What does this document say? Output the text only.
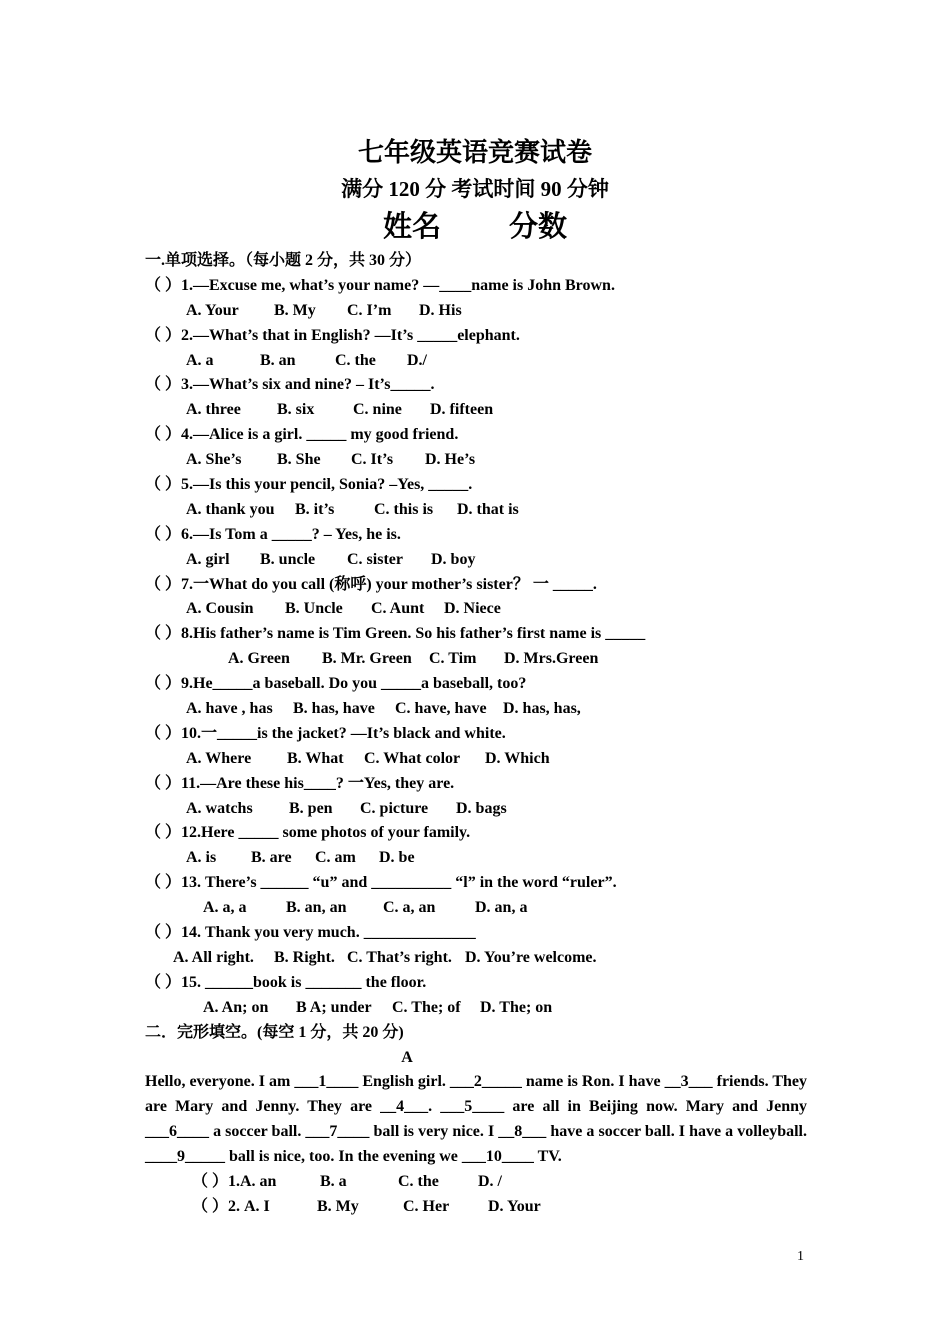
七年级英语竞赛试卷
满分 120 分 考试时间 90 分钟
姓名 分数
一.单项选择。（每小题 2 分，共 30 分）
（ ）1.—Excuse me, what’s your name? —____name is John Brown.
A. Your B. My C. I’m D. His
（ ）2.—What’s that in English? —It’s _____elephant.
A. a	B. an C. the D./
（ ）3.—What’s six and nine? – It’s_____.
A. three B. six C. nine D. fifteen
（ ）4.—Alice is a girl. _____ my good friend.
A. She’s B. She C. It’s D. He’s
（ ）5.—Is this your pencil, Sonia? –Yes, _____.
A. thank you B. it’s C. this is D. that is
（ ）6.—Is Tom a _____? – Yes, he is.
A. girl B. uncle C. sister D. boy
（ ）7.一What do you call (称呼) your mother’s sister？ 一 _____.
A. Cousin B. Uncle C. Aunt D. Niece
（ ）8.His father’s name is Tim Green. So his father’s first name is _____
A. Green B. Mr. Green C. Tim D. Mrs.Green
（ ）9.He_____a baseball. Do you _____a baseball, too?
A. have , has B. has, have C. have, have D. has, has,
（ ）10.一_____is the jacket? —It’s black and white.
A. Where B. What C. What color D. Which
（ ）11.—Are these his____? 一Yes, they are.
A. watchs B. pen C. picture D. bags
（ ）12.Here _____ some photos of your family.
A. is B. are C. am D. be
（ ）13. There’s ______ “u” and __________ “l” in the word “ruler”.
A. a, a B. an, an C. a, an D. an, a
（ ）14. Thank you very much. ______________
A. All right. B. Right. C. That’s right. D. You’re welcome.
（ ）15. ______book is _______ the floor.
A. An; on B A; under C. The; of D. The; on
二．完形填空。(每空 1 分，共 20 分)
A
Hello, everyone. I am ___1____ English girl. ___2_____ name is Ron. I have __3___ friends. They are Mary and Jenny. They are __4___. ___5____ are all in Beijing now. Mary and Jenny ___6____ a soccer ball. ___7____ ball is very nice. I __8___ have a soccer ball. I have a volleyball. ____9_____ ball is nice, too. In the evening we ___10____ TV.
（ ）1.A. an	B. a	C. the D. /
（ ）2. A. I	B. My	C. Her D. Your
1
